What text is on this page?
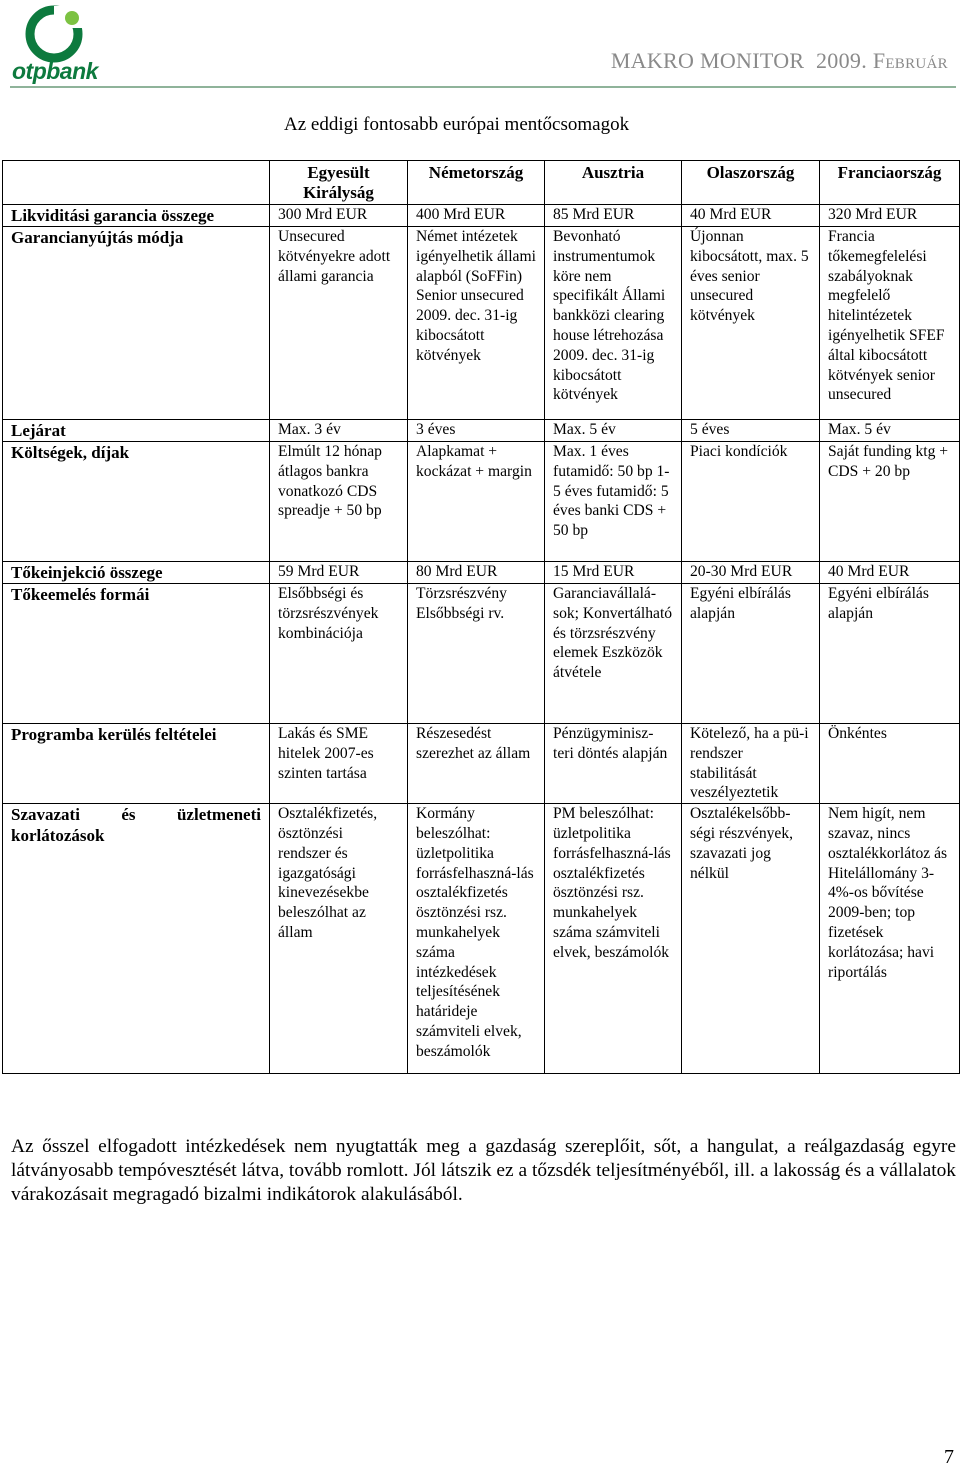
otpbank	MAKRO MONITOR 2009. Február
Az eddigi fontosabb európai mentőcsomagok
	Egyesült Királyság	Németország	Ausztria	Olaszország	Franciaország
Likviditási garancia összege	300 Mrd EUR	400 Mrd EUR	85 Mrd EUR	40 Mrd EUR	320 Mrd EUR
Garancianyújtás módja	Unsecured kötvényekre adott állami garancia	Német intézetek igényelhetik állami alapból (SoFFin) Senior unsecured 2009. dec. 31-ig kibocsátott kötvények	Bevonható instrumentumok köre nem specifikált Állami bankközi clearing house létrehozása 2009. dec. 31-ig kibocsátott kötvények	Újonnan kibocsátott, max. 5 éves senior unsecured kötvények	Francia tőkemegfelelési szabályoknak megfelelő hitelintézetek igényelhetik SFEF által kibocsátott kötvények senior unsecured
Lejárat	Max. 3 év	3 éves	Max. 5 év	5 éves	Max. 5 év
Költségek, díjak	Elmúlt 12 hónap átlagos bankra vonatkozó CDS spreadje + 50 bp	Alapkamat + kockázat + margin	Max. 1 éves futamidő: 50 bp 1-5 éves futamidő: 5 éves banki CDS + 50 bp	Piaci kondíciók	Saját funding ktg + CDS + 20 bp
Tőkeinjekció összege	59 Mrd EUR	80 Mrd EUR	15 Mrd EUR	20-30 Mrd EUR	40 Mrd EUR
Tőkeemelés formái	Elsőbbségi és törzsrészvények kombinációja	Törzsrészvény Elsőbbségi rv.	Garanciavállalá-sok; Konvertálható és törzsrészvény elemek Eszközök átvétele	Egyéni elbírálás alapján	Egyéni elbírálás alapján
Programba kerülés feltételei	Lakás és SME hitelek 2007-es szinten tartása	Részesedést szerezhet az állam	Pénzügyminisz-teri döntés alapján	Kötelező, ha a pü-i rendszer stabilitását veszélyeztetik	Önkéntes
Szavazati és üzletmeneti korlátozások	Osztalékfizetés, ösztönzési rendszer és igazgatósági kinevezésekbe beleszólhat az állam	Kormány beleszólhat: üzletpolitika forrásfelhaszná-lás osztalékfizetés ösztönzési rsz. munkahelyek száma intézkedések teljesítésének határideje számviteli elvek, beszámolók	PM beleszólhat: üzletpolitika forrásfelhaszná-lás osztalékfizetés ösztönzési rsz. munkahelyek száma számviteli elvek, beszámolók	Osztalékelsőbb-ségi részvények, szavazati jog nélkül	Nem higít, nem szavaz, nincs osztalékkorlátoz ás Hitelállomány 3-4%-os bővítése 2009-ben; top fizetések korlátozása; havi riportálás

Az ősszel elfogadott intézkedések nem nyugtatták meg a gazdaság szereplőit, sőt, a hangulat, a reálgazdaság egyre látványosabb tempóvesztését látva, tovább romlott. Jól látszik ez a tőzsdék teljesítményéből, ill. a lakosság és a vállalatok várakozásait megragadó bizalmi indikátorok alakulásából.

7
